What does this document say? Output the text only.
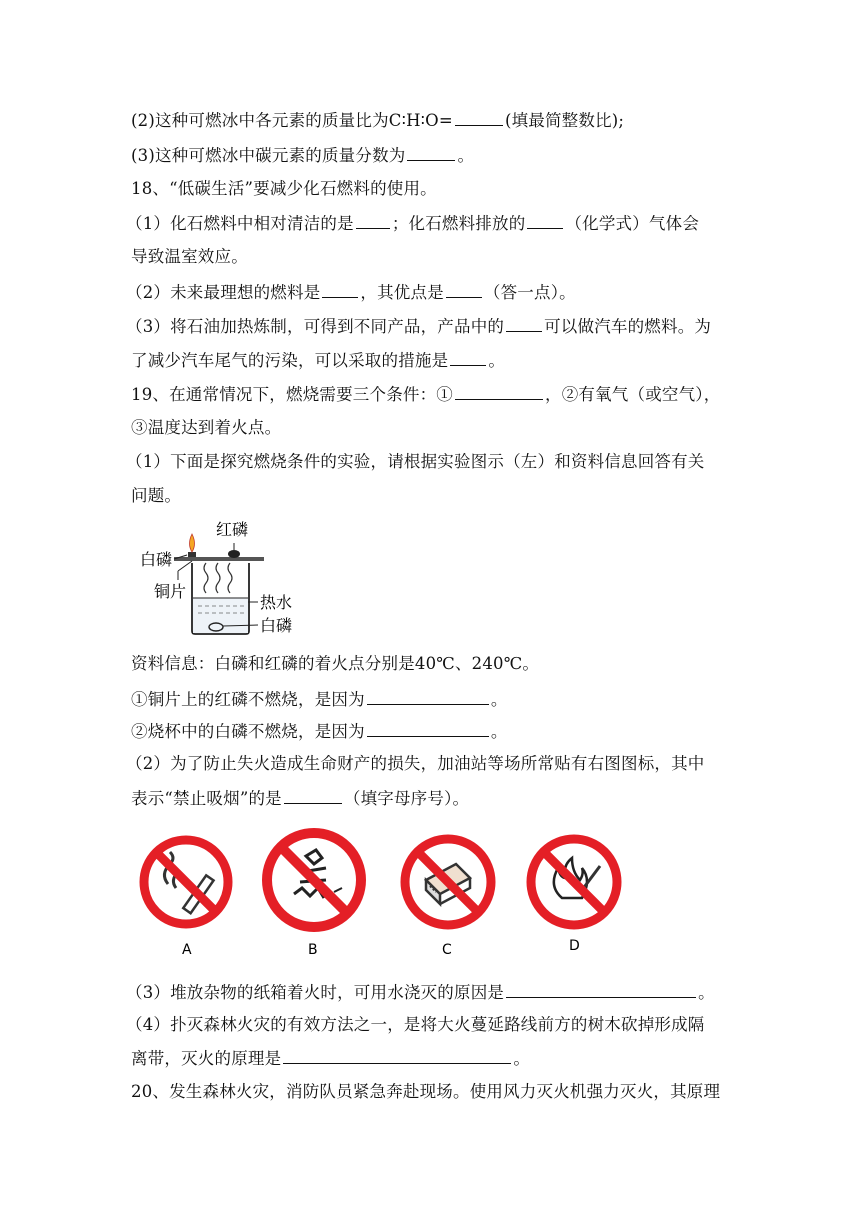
(2)这种可燃冰中各元素的质量比为C∶H∶O=	(填最简整数比);
(3)这种可燃冰中碳元素的质量分数为	。
18、“低碳生活”要减少化石燃料的使用。
（1）化石燃料中相对清洁的是 ；化石燃料排放的 （化学式）气体会
导致温室效应。
（2）未来最理想的燃料是 ，其优点是 （答一点）。
（3）将石油加热炼制，可得到不同产品，产品中的 可以做汽车的燃料。为
了减少汽车尾气的污染，可以采取的措施是 。
19、在通常情况下，燃烧需要三个条件：①	，②有氧气（或空气），
③温度达到着火点。
（1）下面是探究燃烧条件的实验，请根据实验图示（左）和资料信息回答有关
问题。
红磷
白磷
铜片
热水
白磷
资料信息：白磷和红磷的着火点分别是40℃、240℃。
①铜片上的红磷不燃烧，是因为	。
②烧杯中的白磷不燃烧，是因为	。
（2）为了防止失火造成生命财产的损失，加油站等场所常贴有右图图标，其中
表示“禁止吸烟”的是	（填字母序号）。
A	B	C	D
（3）堆放杂物的纸箱着火时，可用水浇灭的原因是	。
（4）扑灭森林火灾的有效方法之一，是将大火蔓延路线前方的树木砍掉形成隔
离带，灭火的原理是	。
20、发生森林火灾，消防队员紧急奔赴现场。使用风力灭火机强力灭火，其原理
